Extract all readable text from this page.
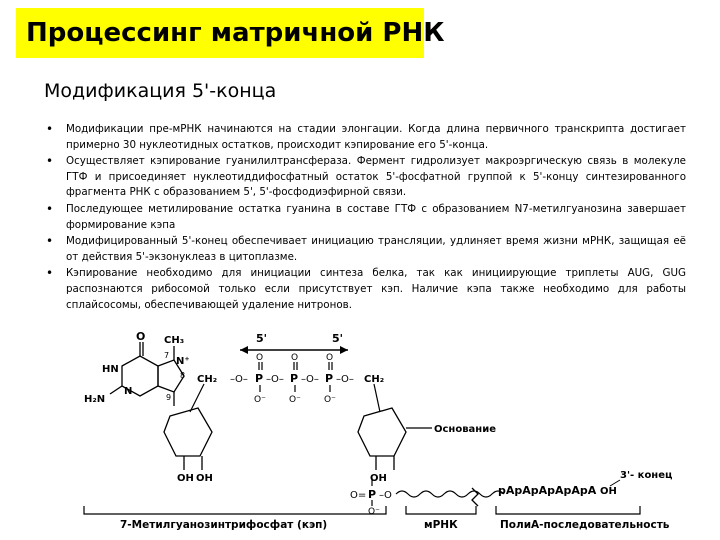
Процессинг матричной РНК
Модификация 5'-конца
• Модификации пре-мРНК начинаются на стадии элонгации. Когда длина первичного транскрипта достигает примерно 30 нуклеотидных остатков, происходит кэпирование его 5'-конца.
• Осуществляет кэпирование гуанилилтрансфераза. Фермент гидролизует макроэргическую связь в молекуле ГТФ и присоединяет нуклеотиддифосфатный остаток 5'-фосфатной группой к 5'-концу синтезированного фрагмента РНК с образованием 5', 5'-фосфодиэфирной связи.
• Последующее метилирование остатка гуанина в составе ГТФ с образованием N7-метилгуанозина завершает формирование кэпа
• Модифицированный 5'-конец обеспечивает инициацию трансляции, удлиняет время жизни мРНК, защищая её от действия 5'-экзонуклеаз в цитоплазме.
• Кэпирование необходимо для инициации синтеза белка, так как инициирующие триплеты AUG, GUG распознаются рибосомой только если присутствует кэп. Наличие кэпа также необходимо для работы сплайсосомы, обеспечивающей удаление нитронов.
5'	5'
O CH₃
N⁺
HN
H₂N
N
8
7
9
CH₂ –O– P –O– P –O– P –O– CH₂
O	O	O
O⁻	O⁻	O⁻
OH OH
Основание
OH
O= P –O
O⁻
pApApApApApA OH
3'- конец
7-Метилгуанозинтрифосфат (кэп)	мРНК	ПолиА-последовательность
